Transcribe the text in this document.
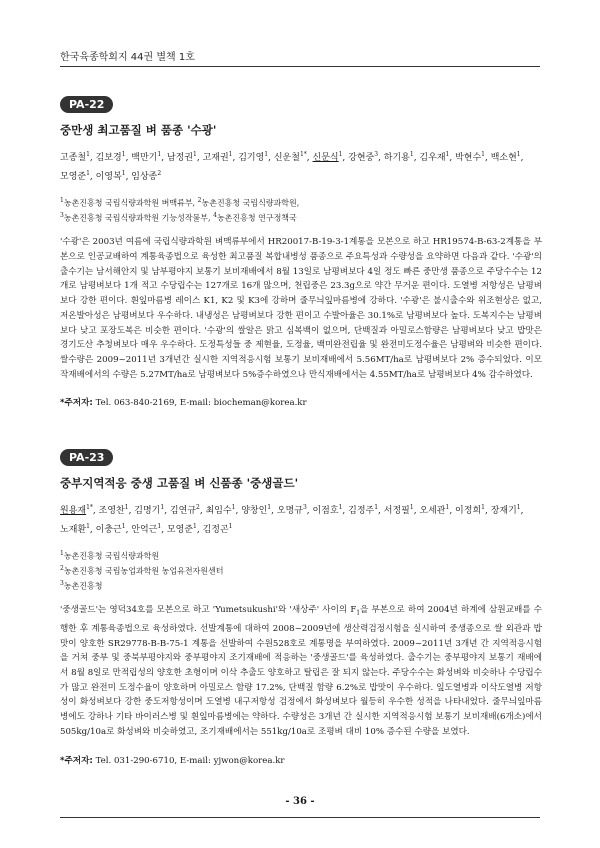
한국육종학회지 44권 별책 1호
PA-22
중만생 최고품질 벼 품종 '수광'
고종철$^1$, 김보경$^1$, 백만기$^1$, 남정권$^1$, 고재권$^1$, 김기영$^1$, 신운철$^{1*}$, 신문식$^1$, 강현중$^3$, 하기용$^1$, 김우재$^1$, 박현수$^1$, 백소현$^1$,
모영준$^1$, 이영복$^1$, 임상종$^2$
$^1$농촌진흥청 국립식량과학원 벼맥류부, $^2$농촌진흥청 국립식량과학원,
$^3$농촌진흥청 국립식량과학원 기능성작물부, $^4$농촌진흥청 연구정책국
'수광'은 2003년 여름에 국립식량과학원 벼맥류부에서 HR20017-B-19-3-1계통을 모본으로 하고 HR19574-B-63-2계통을 부본으로 인공교배하여 계통육종법으로 육성한 최고품질 복합내병성 품종으로 주요특성과 수량성을 요약하면 다음과 같다. '수광'의 출수기는 남서해안지 및 남부평야지 보통기 보비재배에서 8월 13일로 남평벼보다 4일 정도 빠른 중만생 품종으로 주당수수는 12개로 남평벼보다 1개 적고 수당립수는 127개로 16개 많으며, 천립중은 23.3g으로 약간 무거운 편이다. 도열병 저항성은 남평벼보다 강한 편이다. 흰잎마름병 레이스 K1, K2 및 K3에 강하며 줄무늬잎마름병에 강하다. '수광'은 불시출수와 위조현상은 없고, 저온발아성은 남평벼보다 우수하다. 내냉성은 남평벼보다 강한 편이고 수발아율은 30.1%로 남평벼보다 높다. 도복지수는 남평벼보다 낮고 포장도복은 비슷한 편이다. '수광'의 쌀알은 맑고 심복백이 없으며, 단백질과 아밀로스함량은 남평벼보다 낮고 밥맛은 경기도산 추청벼보다 매우 우수하다. 도정특성들 중 제현율, 도정율, 백미완전립율 및 완전미도정수율은 남평벼와 비슷한 편이다. 쌀수량은 2009~2011년 3개년간 실시한 지역적응시험 보통기 보비재배에서 5.56MT/ha로 남평벼보다 2% 증수되었다. 이모작재배에서의 수량은 5.27MT/ha로 남평벼보다 5%증수하였으나 만식재배에서는 4.55MT/ha로 남평벼보다 4% 감수하였다.
*주저자: Tel. 063-840-2169, E-mail: biocheman@korea.kr
PA-23
중부지역적응 중생 고품질 벼 신품종 '중생골드'
원용재$^{1*}$, 조영찬$^1$, 김명기$^1$, 김연규$^2$, 최임수$^1$, 양창인$^1$, 오명규$^3$, 이점호$^1$, 김정주$^1$, 서정필$^1$, 오세관$^1$, 이정희$^1$, 장재기$^1$,
노재환$^1$, 이충근$^1$, 안억근$^1$, 모영준$^1$, 김정곤$^1$
$^1$농촌진흥청 국립식량과학원
$^2$농촌진흥청 국립농업과학원 농업유전자원센터
$^3$농촌진흥청
'중생골드'는 영덕34호를 모본으로 하고 'Yumetsukushi'와 '새상주' 사이의 $F_1$을 부본으로 하여 2004년 하계에 삼원교배를 수행한 후 계통육종법으로 육성하였다. 선발계통에 대하여 2008~2009년에 생산력검정시험을 실시하여 중생종으로 쌀 외관과 밥맛이 양호한 SR29778-B-B-75-1 계통을 선발하여 수원528호로 계통명을 부여하였다. 2009~2011년 3개년 간 지역적응시험을 거쳐 중부 및 중북부평야지와 중부평야지 조기재배에 적응하는 '중생골드'를 육성하였다. 출수기는 중부평야지 보통기 재배에서 8월 8일로 만적립성의 양호한 초형이며 이삭 추출도 양호하고 탈립은 잘 되지 않는다. 주당수수는 화성벼와 비슷하나 수당립수가 많고 완전미 도정수율이 양호하며 아밀로스 함량 17.2%, 단백질 함량 6.2%로 밥맛이 우수하다. 잎도열병과 이삭도열병 저항성이 화성벼보다 강한 중도저항성이며 도열병 내구저항성 검정에서 화성벼보다 월등히 우수한 성적을 나타내었다. 줄무늬잎마름병에도 강하나 기타 바이러스병 및 흰잎마름병에는 약하다. 수량성은 3개년 간 실시한 지역적응시험 보통기 보비재배(6개소)에서 505kg/10a로 화성벼와 비슷하였고, 조기재배에서는 551kg/10a로 조평벼 대비 10% 증수된 수량을 보였다.
*주저자: Tel. 031-290-6710, E-mail: yjwon@korea.kr
- 36 -
